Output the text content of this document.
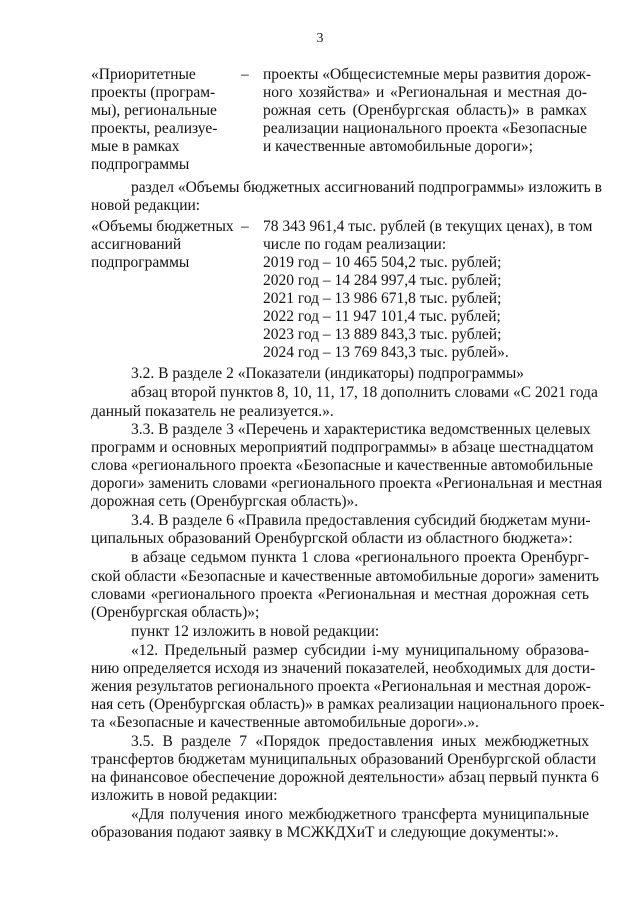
3
«Приоритетные
проекты (програм-
мы), региональные
проекты, реализуе-
мые в рамках
подпрограммы
– проекты «Общесистемные меры развития дорож-
ного хозяйства» и «Региональная и местная до-
рожная сеть (Оренбургская область)» в рамках
реализации национального проекта «Безопасные
и качественные автомобильные дороги»;
раздел «Объемы бюджетных ассигнований подпрограммы» изложить в
новой редакции:
«Объемы бюджетных
ассигнований
подпрограммы
– 78 343 961,4 тыс. рублей (в текущих ценах), в том
числе по годам реализации:
2019 год – 10 465 504,2 тыс. рублей;
2020 год – 14 284 997,4 тыс. рублей;
2021 год – 13 986 671,8 тыс. рублей;
2022 год – 11 947 101,4 тыс. рублей;
2023 год – 13 889 843,3 тыс. рублей;
2024 год – 13 769 843,3 тыс. рублей».
3.2. В разделе 2 «Показатели (индикаторы) подпрограммы»
абзац второй пунктов 8, 10, 11, 17, 18 дополнить словами «С 2021 года
данный показатель не реализуется.».
3.3. В разделе 3 «Перечень и характеристика ведомственных целевых
программ и основных мероприятий подпрограммы» в абзаце шестнадцатом
слова «регионального проекта «Безопасные и качественные автомобильные
дороги» заменить словами «регионального проекта «Региональная и местная
дорожная сеть (Оренбургская область)».
3.4. В разделе 6 «Правила предоставления субсидий бюджетам муни-
ципальных образований Оренбургской области из областного бюджета»:
в абзаце седьмом пункта 1 слова «регионального проекта Оренбург-
ской области «Безопасные и качественные автомобильные дороги» заменить
словами «регионального проекта «Региональная и местная дорожная сеть
(Оренбургская область)»;
пункт 12 изложить в новой редакции:
«12. Предельный размер субсидии i-му муниципальному образова-
нию определяется исходя из значений показателей, необходимых для дости-
жения результатов регионального проекта «Региональная и местная дорож-
ная сеть (Оренбургская область)» в рамках реализации национального проек-
та «Безопасные и качественные автомобильные дороги».».
3.5. В разделе 7 «Порядок предоставления иных межбюджетных
трансфертов бюджетам муниципальных образований Оренбургской области
на финансовое обеспечение дорожной деятельности» абзац первый пункта 6
изложить в новой редакции:
«Для получения иного межбюджетного трансферта муниципальные
образования подают заявку в МСЖКДХиТ и следующие документы:».
